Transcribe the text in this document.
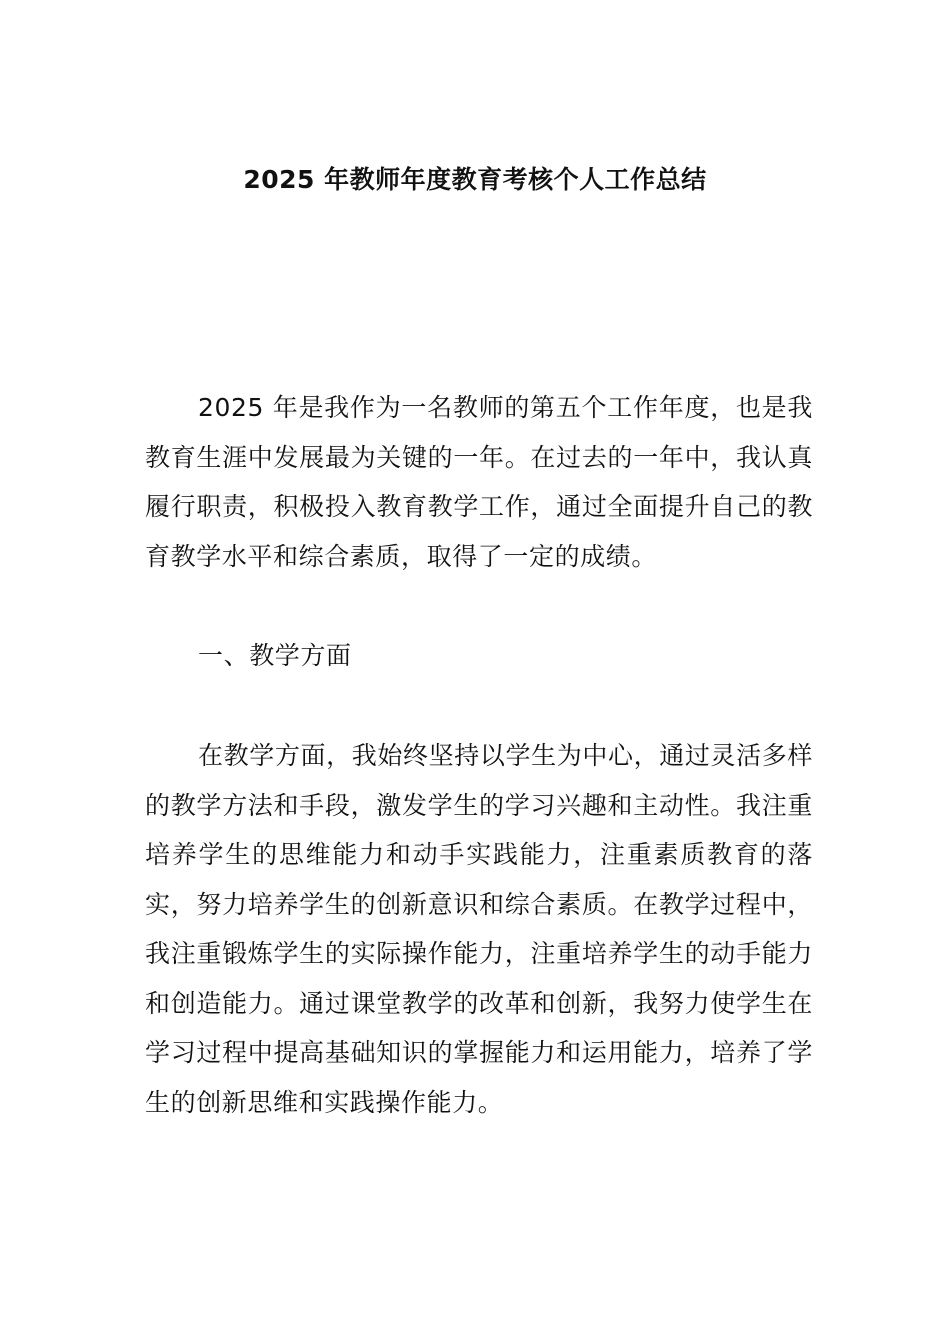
2025 年教师年度教育考核个人工作总结

2025 年是我作为一名教师的第五个工作年度，也是我教育生涯中发展最为关键的一年。在过去的一年中，我认真履行职责，积极投入教育教学工作，通过全面提升自己的教育教学水平和综合素质，取得了一定的成绩。

一、教学方面

在教学方面，我始终坚持以学生为中心，通过灵活多样的教学方法和手段，激发学生的学习兴趣和主动性。我注重培养学生的思维能力和动手实践能力，注重素质教育的落实，努力培养学生的创新意识和综合素质。在教学过程中，我注重锻炼学生的实际操作能力，注重培养学生的动手能力和创造能力。通过课堂教学的改革和创新，我努力使学生在学习过程中提高基础知识的掌握能力和运用能力，培养了学生的创新思维和实践操作能力。
